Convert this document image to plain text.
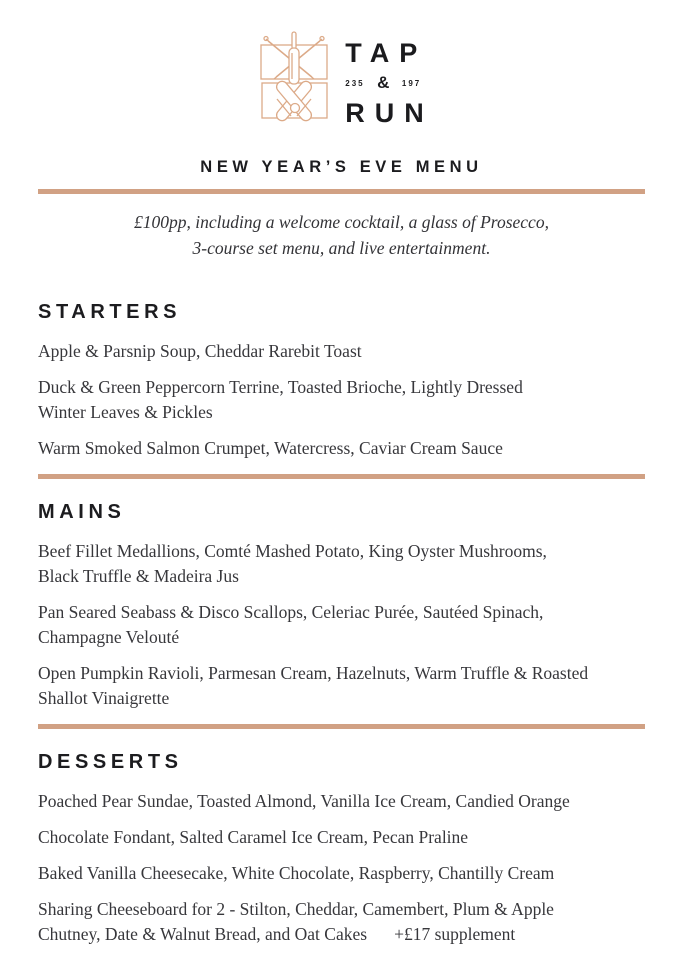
TAP
235 & 197
RUN
NEW YEAR’S EVE MENU
£100pp, including a welcome cocktail, a glass of Prosecco,
3-course set menu, and live entertainment.
STARTERS

Apple & Parsnip Soup, Cheddar Rarebit Toast

Duck & Green Peppercorn Terrine, Toasted Brioche, Lightly Dressed
Winter Leaves & Pickles

Warm Smoked Salmon Crumpet, Watercress, Caviar Cream Sauce

MAINS

Beef Fillet Medallions, Comté Mashed Potato, King Oyster Mushrooms,
Black Truffle & Madeira Jus

Pan Seared Seabass & Disco Scallops, Celeriac Purée, Sautéed Spinach,
Champagne Velouté

Open Pumpkin Ravioli, Parmesan Cream, Hazelnuts, Warm Truffle & Roasted
Shallot Vinaigrette

DESSERTS

Poached Pear Sundae, Toasted Almond, Vanilla Ice Cream, Candied Orange

Chocolate Fondant, Salted Caramel Ice Cream, Pecan Praline

Baked Vanilla Cheesecake, White Chocolate, Raspberry, Chantilly Cream

Sharing Cheeseboard for 2 - Stilton, Cheddar, Camembert, Plum & Apple
Chutney, Date & Walnut Bread, and Oat Cakes +£17 supplement
